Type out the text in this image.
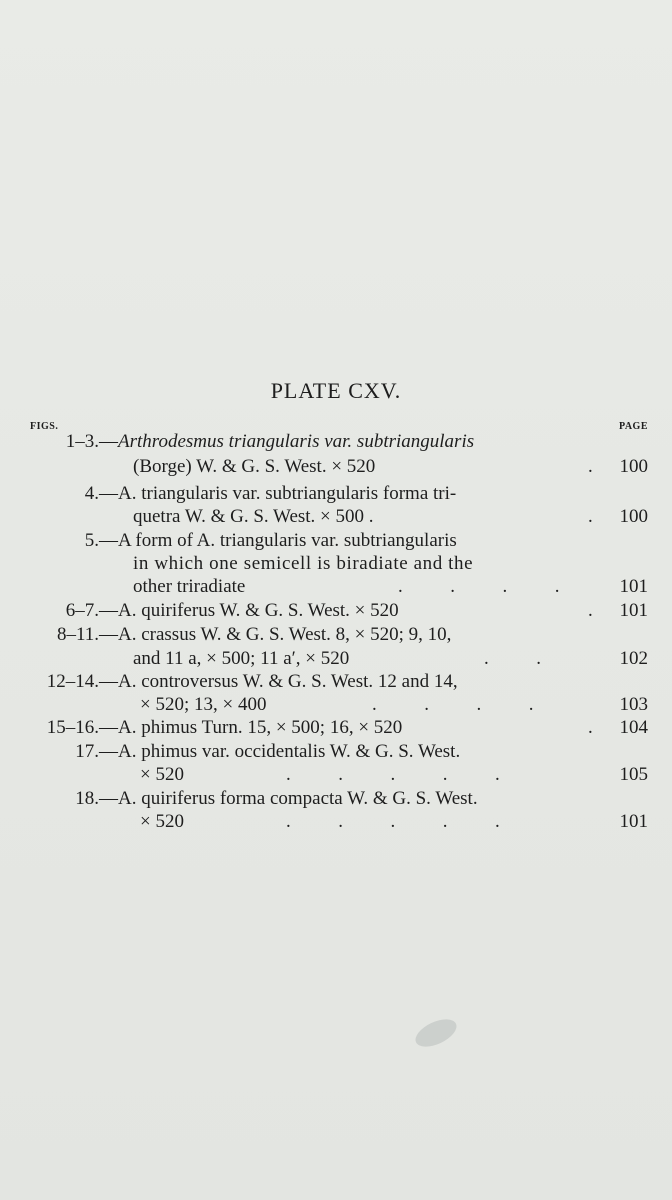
PLATE CXV.
FIGS.	PAGE
1–3.— Arthrodesmus triangularis var. subtriangularis
(Borge) W. & G. S. West. × 520	. 100
4.— A. triangularis var. subtriangularis forma tri-
quetra W. & G. S. West. × 500 .	. 100
5.— A form of A. triangularis var. subtriangularis
in which one semicell is biradiate and the
other triradiate	.          .          .          .	101
6–7.— A. quiriferus W. & G. S. West. × 520	. 101
8–11.— A. crassus W. & G. S. West. 8, × 520; 9, 10,
and 11 a, × 500; 11 a′, × 520	.          .	102
12–14.— A. controversus W. & G. S. West. 12 and 14,
× 520; 13, × 400	.          .          .          .	103
15–16.— A. phimus Turn. 15, × 500; 16, × 520	. 104
17.— A. phimus var. occidentalis W. & G. S. West.
× 520	.          .          .          .          .	105
18.— A. quiriferus forma compacta W. & G. S. West.
× 520	.          .          .          .          .	101
